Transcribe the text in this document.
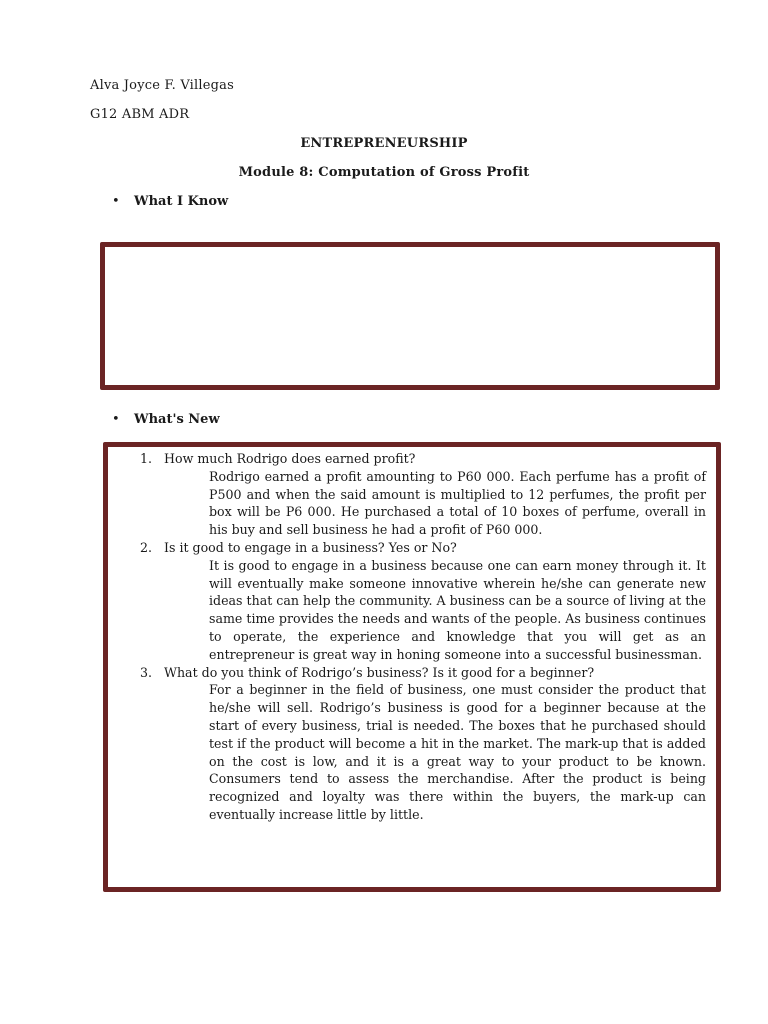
Alva Joyce F. Villegas
G12 ABM ADR
ENTREPRENEURSHIP
Module 8: Computation of Gross Profit
• What I Know
• What's New
1. How much Rodrigo does earned profit?
Rodrigo earned a profit amounting to P60 000. Each perfume has a profit of P500 and when the said amount is multiplied to 12 perfumes, the profit per box will be P6 000. He purchased a total of 10 boxes of perfume, overall in his buy and sell business he had a profit of P60 000.
2. Is it good to engage in a business? Yes or No?
It is good to engage in a business because one can earn money through it. It will eventually make someone innovative wherein he/she can generate new ideas that can help the community. A business can be a source of living at the same time provides the needs and wants of the people. As business continues to operate, the experience and knowledge that you will get as an entrepreneur is great way in honing someone into a successful businessman.
3. What do you think of Rodrigo’s business? Is it good for a beginner?
For a beginner in the field of business, one must consider the product that he/she will sell. Rodrigo’s business is good for a beginner because at the start of every business, trial is needed. The boxes that he purchased should test if the product will become a hit in the market. The mark-up that is added on the cost is low, and it is a great way to your product to be known. Consumers tend to assess the merchandise. After the product is being recognized and loyalty was there within the buyers, the mark-up can eventually increase little by little.
